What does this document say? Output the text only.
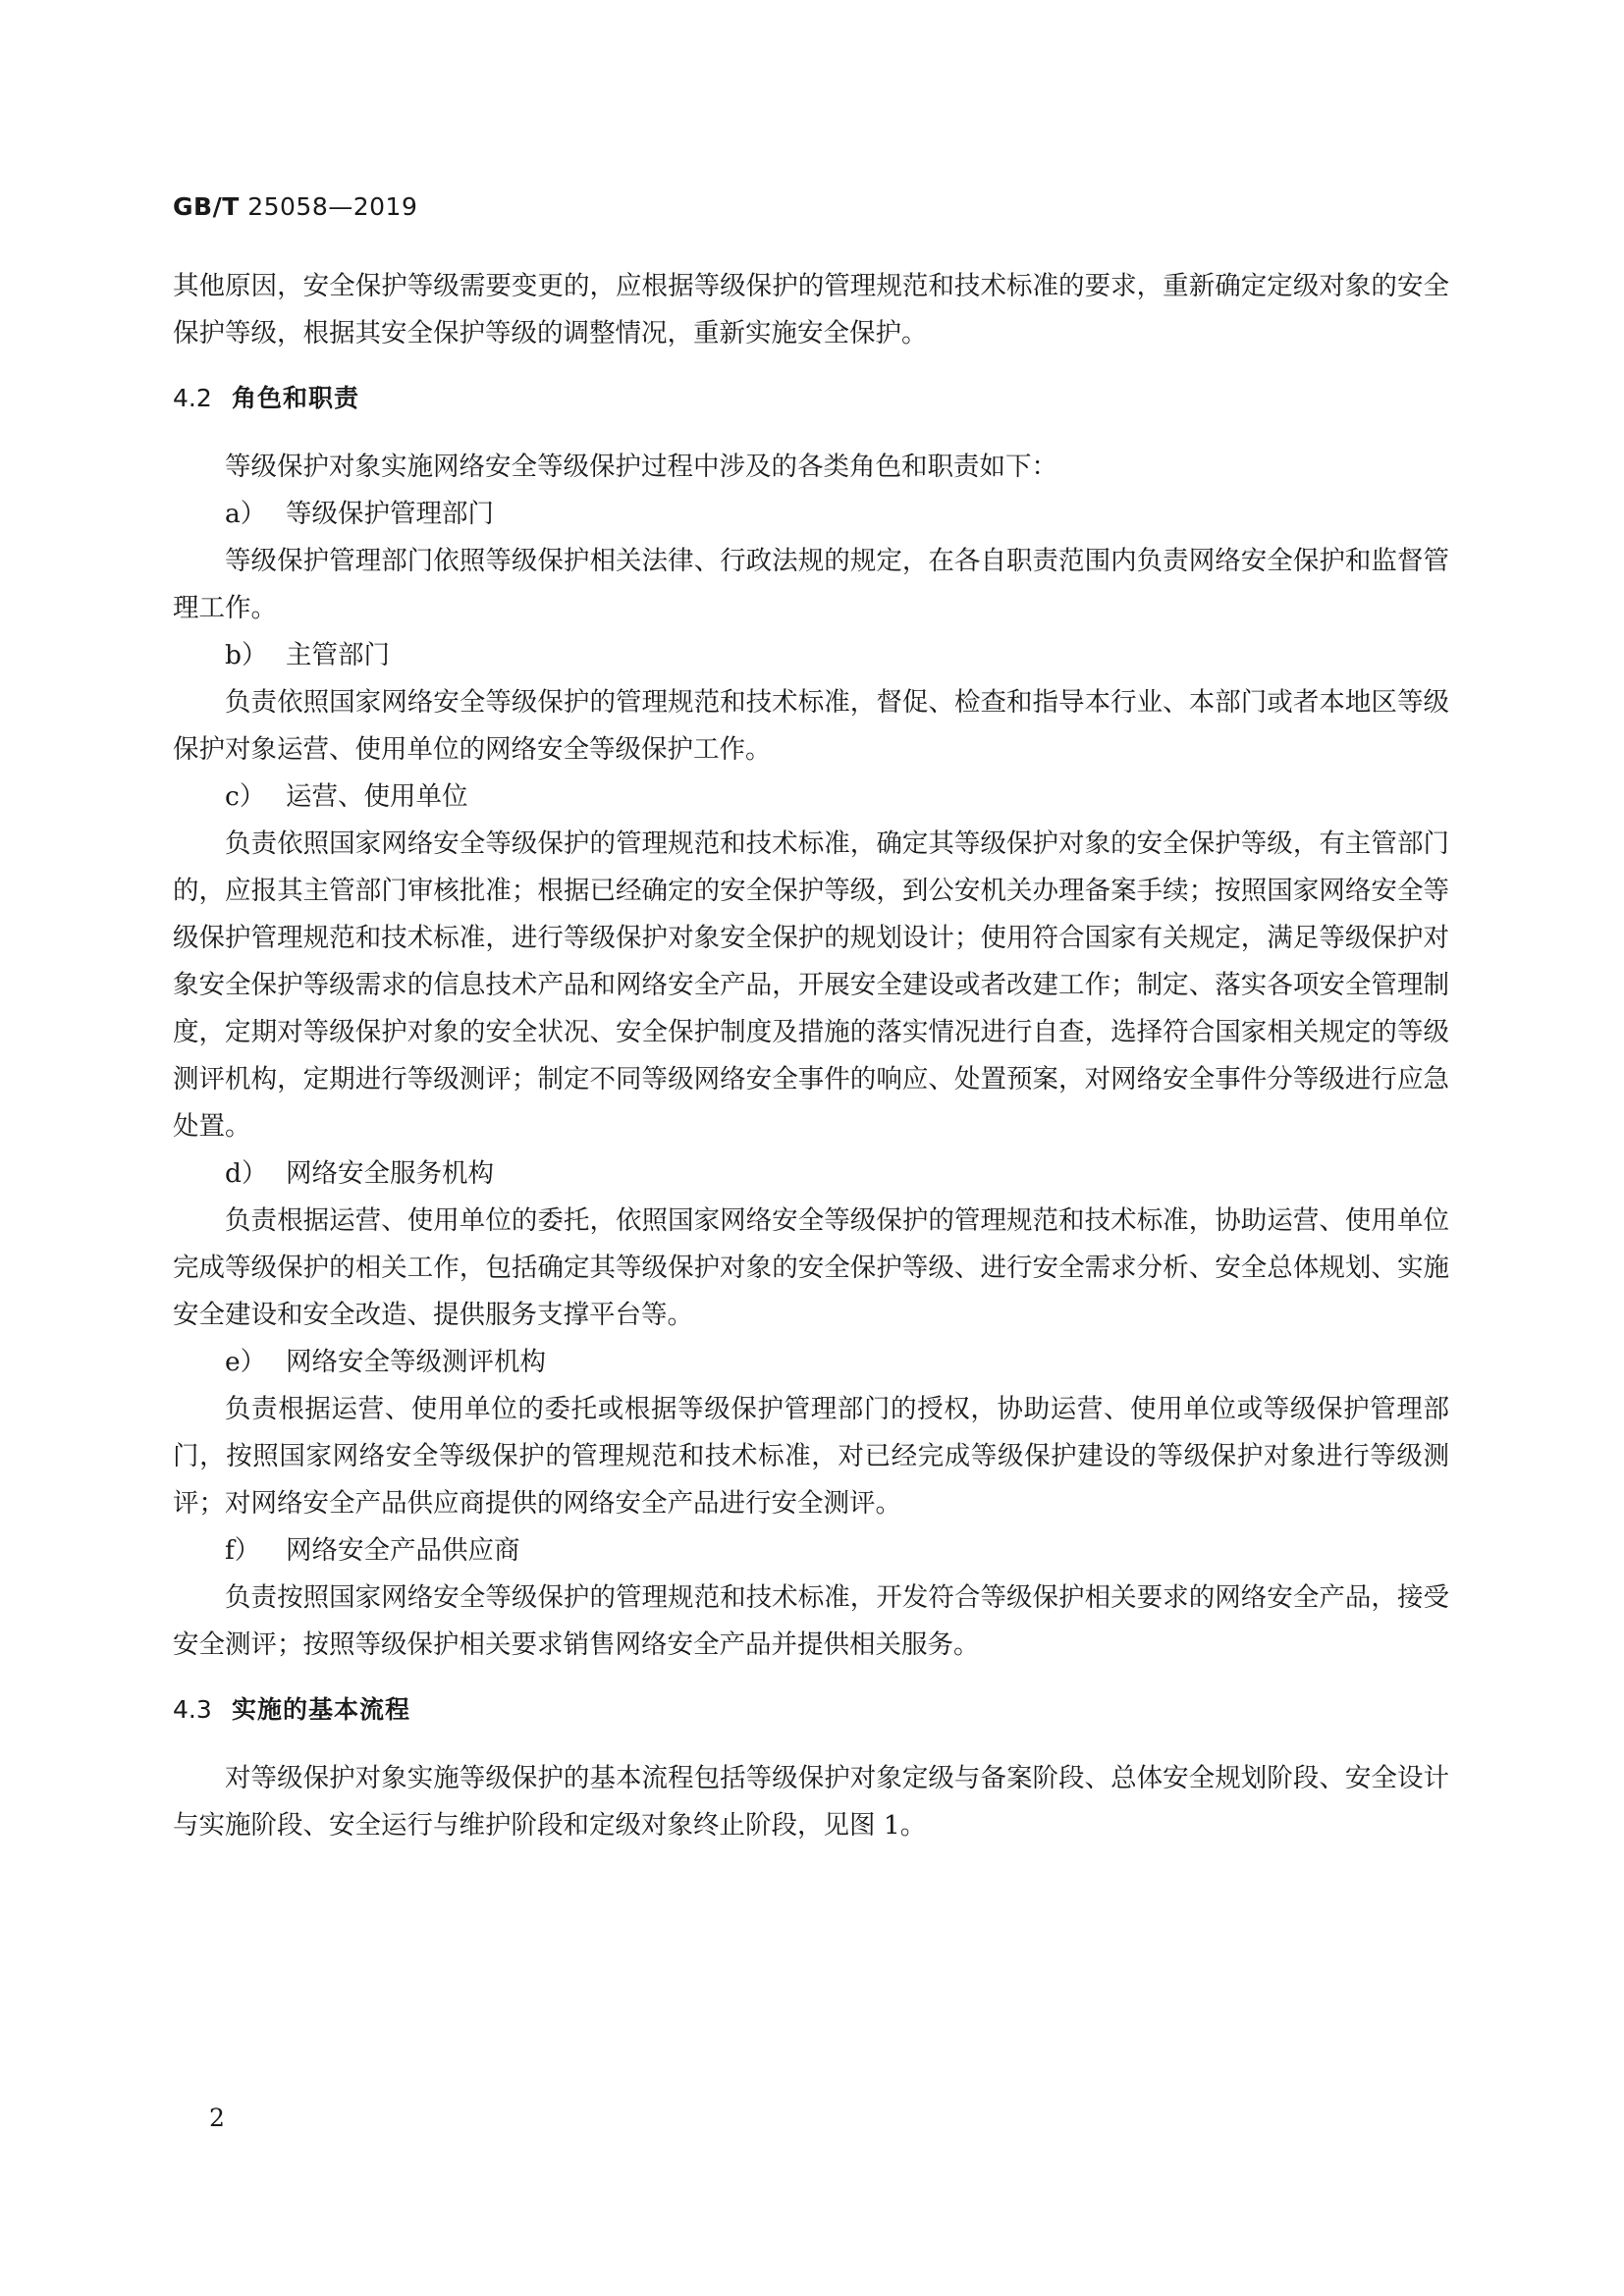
GB/T 25058—2019

其他原因，安全保护等级需要变更的，应根据等级保护的管理规范和技术标准的要求，重新确定定级对象的安全保护等级，根据其安全保护等级的调整情况，重新实施安全保护。

4.2 角色和职责

等级保护对象实施网络安全等级保护过程中涉及的各类角色和职责如下：

a） 等级保护管理部门

等级保护管理部门依照等级保护相关法律、行政法规的规定，在各自职责范围内负责网络安全保护和监督管理工作。

b） 主管部门

负责依照国家网络安全等级保护的管理规范和技术标准，督促、检查和指导本行业、本部门或者本地区等级保护对象运营、使用单位的网络安全等级保护工作。

c） 运营、使用单位

负责依照国家网络安全等级保护的管理规范和技术标准，确定其等级保护对象的安全保护等级，有主管部门的，应报其主管部门审核批准；根据已经确定的安全保护等级，到公安机关办理备案手续；按照国家网络安全等级保护管理规范和技术标准，进行等级保护对象安全保护的规划设计；使用符合国家有关规定，满足等级保护对象安全保护等级需求的信息技术产品和网络安全产品，开展安全建设或者改建工作；制定、落实各项安全管理制度，定期对等级保护对象的安全状况、安全保护制度及措施的落实情况进行自查，选择符合国家相关规定的等级测评机构，定期进行等级测评；制定不同等级网络安全事件的响应、处置预案，对网络安全事件分等级进行应急处置。

d） 网络安全服务机构

负责根据运营、使用单位的委托，依照国家网络安全等级保护的管理规范和技术标准，协助运营、使用单位完成等级保护的相关工作，包括确定其等级保护对象的安全保护等级、进行安全需求分析、安全总体规划、实施安全建设和安全改造、提供服务支撑平台等。

e） 网络安全等级测评机构

负责根据运营、使用单位的委托或根据等级保护管理部门的授权，协助运营、使用单位或等级保护管理部门，按照国家网络安全等级保护的管理规范和技术标准，对已经完成等级保护建设的等级保护对象进行等级测评；对网络安全产品供应商提供的网络安全产品进行安全测评。

f） 网络安全产品供应商

负责按照国家网络安全等级保护的管理规范和技术标准，开发符合等级保护相关要求的网络安全产品，接受安全测评；按照等级保护相关要求销售网络安全产品并提供相关服务。

4.3 实施的基本流程

对等级保护对象实施等级保护的基本流程包括等级保护对象定级与备案阶段、总体安全规划阶段、安全设计与实施阶段、安全运行与维护阶段和定级对象终止阶段，见图 1。

2
